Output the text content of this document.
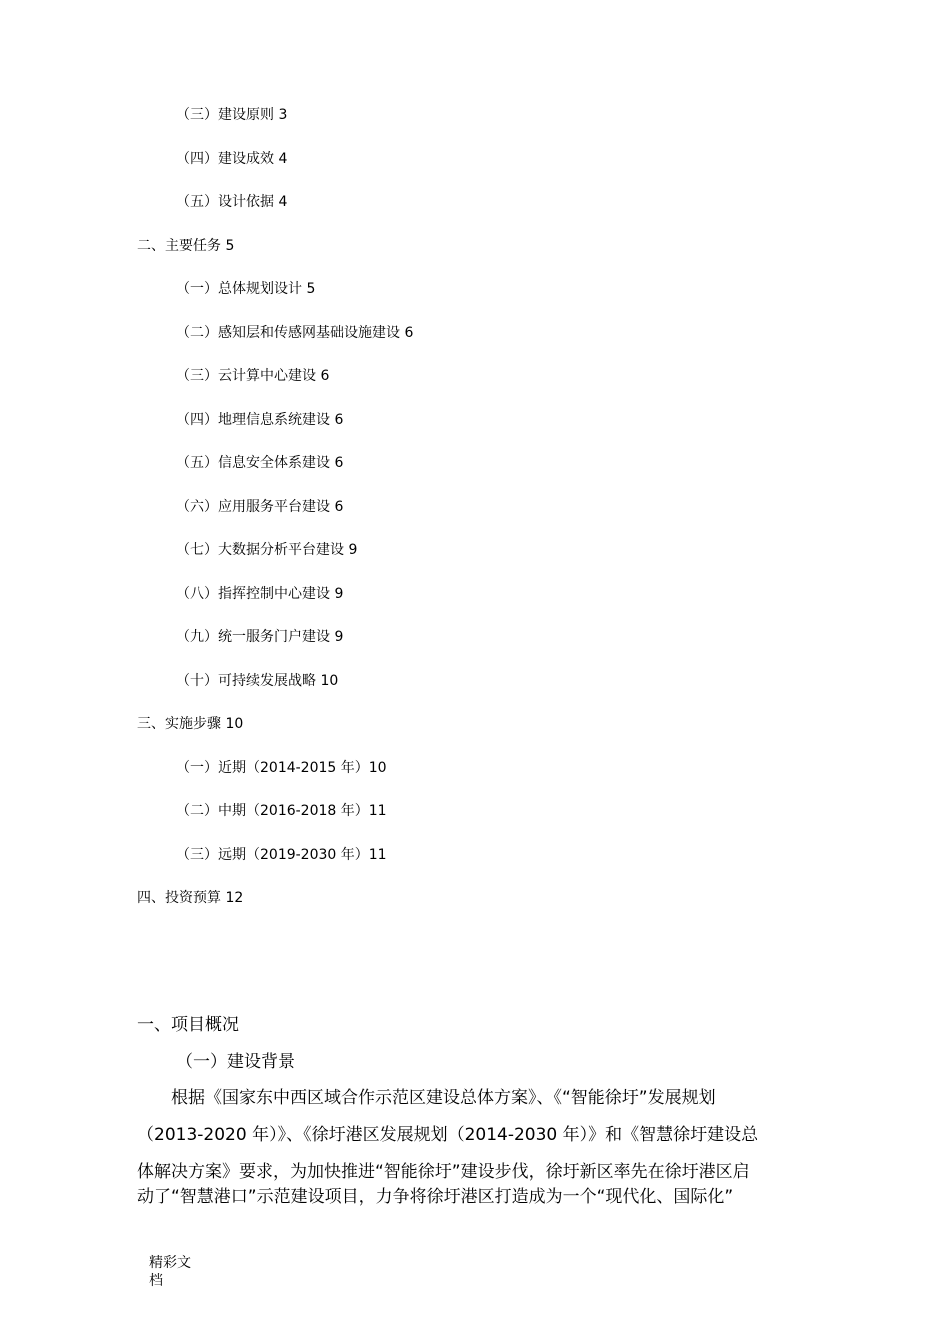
（三）建设原则 3
（四）建设成效 4
（五）设计依据 4
二、主要任务 5
（一）总体规划设计 5
（二）感知层和传感网基础设施建设 6
（三）云计算中心建设 6
（四）地理信息系统建设 6
（五）信息安全体系建设 6
（六）应用服务平台建设 6
（七）大数据分析平台建设 9
（八）指挥控制中心建设 9
（九）统一服务门户建设 9
（十）可持续发展战略 10
三、实施步骤 10
（一）近期（2014-2015 年）10
（二）中期（2016-2018 年）11
（三）远期（2019-2030 年）11
四、投资预算 12
一、项目概况
（一）建设背景
　　根据《国家东中西区域合作示范区建设总体方案》、《“智能徐圩”发展规划
（2013-2020 年）》、《徐圩港区发展规划（2014-2030 年）》和《智慧徐圩建设总
体解决方案》要求，为加快推进“智能徐圩”建设步伐，徐圩新区率先在徐圩港区启
动了“智慧港口”示范建设项目，力争将徐圩港区打造成为一个“现代化、国际化”
精彩文
档
